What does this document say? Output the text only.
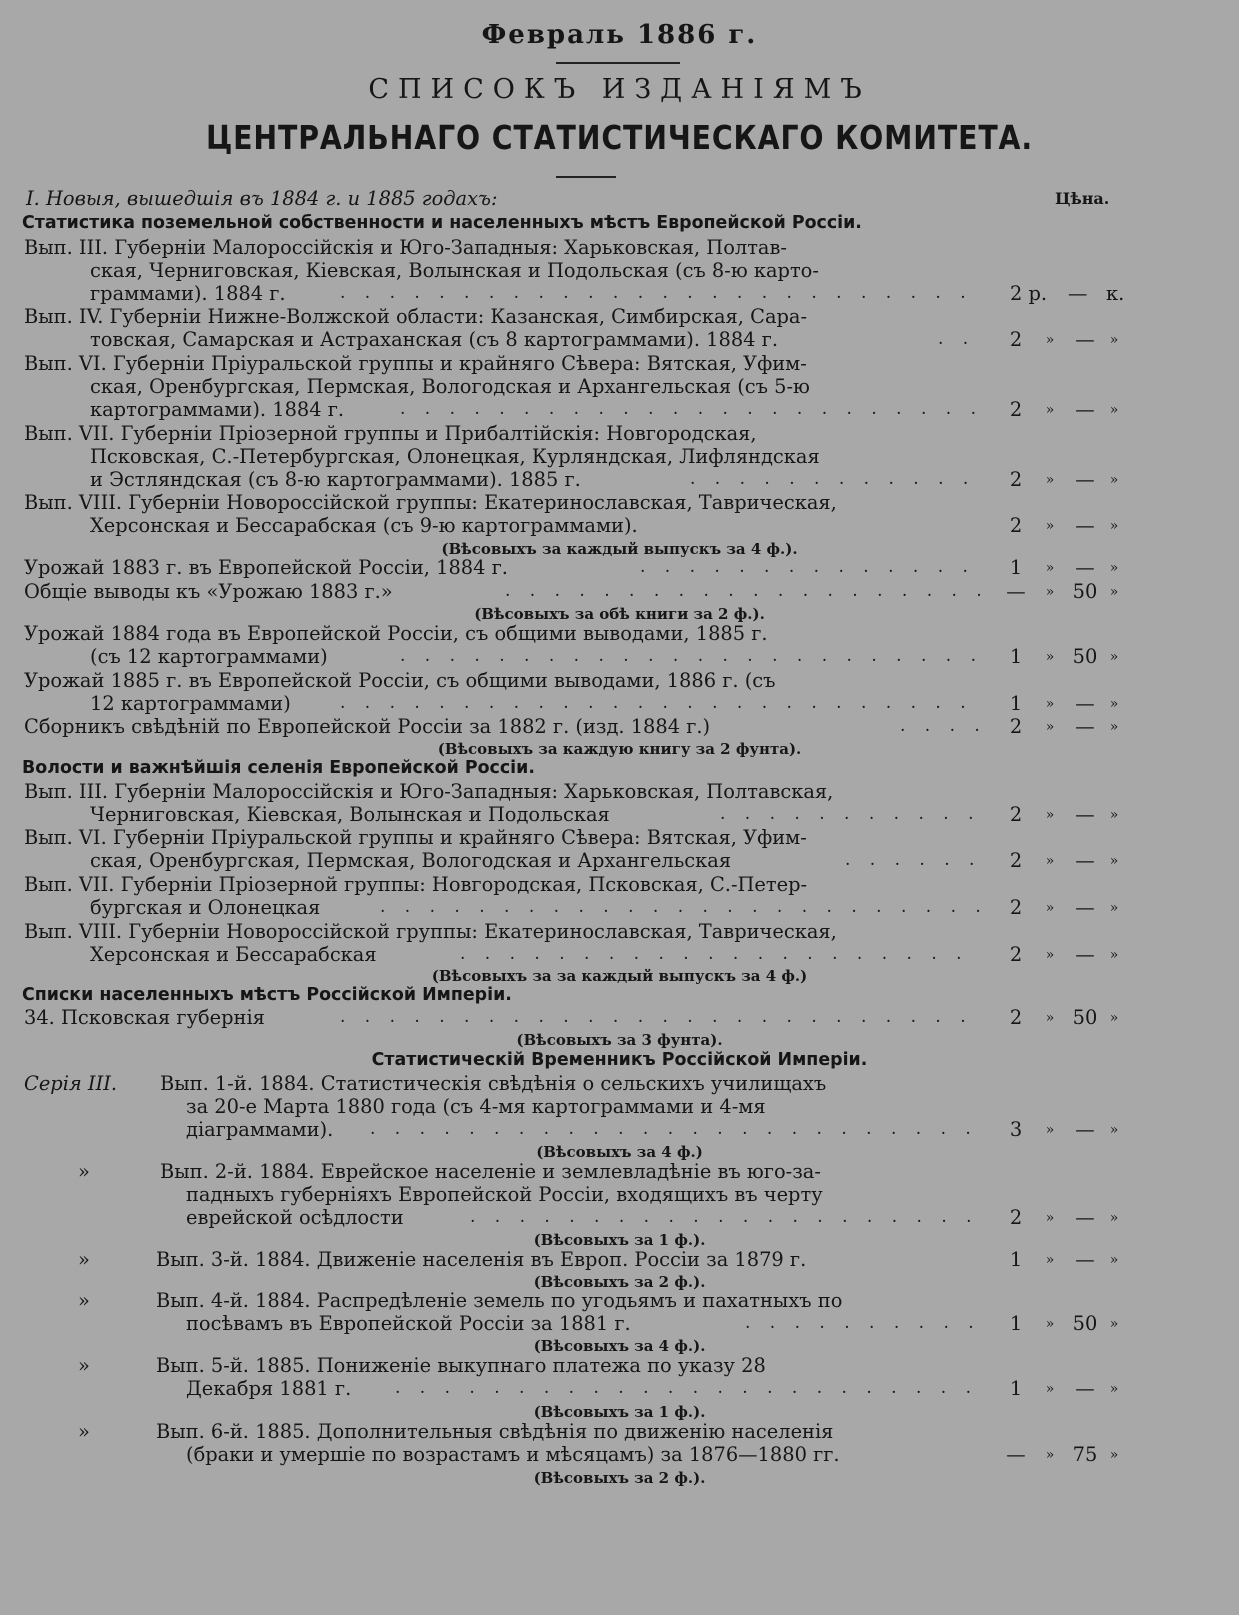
Февраль 1886 г.
СПИСОКЪ ИЗДАНІЯМЪ
ЦЕНТРАЛЬНАГО СТАТИСТИЧЕСКАГО КОМИТЕТА.
I. Новыя, вышедшія въ 1884 г. и 1885 годахъ:	Цѣна.
Статистика поземельной собственности и населенныхъ мѣстъ Европейской Россіи.
Вып. III. Губерніи Малороссійскія и Юго-Западныя: Харьковская, Полтав-
ская, Черниговская, Кіевская, Волынская и Подольская (съ 8-ю карто-
граммами). 1884 г. . . .	2 р. — к.
Вып. IV. Губерніи Нижне-Волжской области: Казанская, Симбирская, Сара-
товская, Самарская и Астраханская (съ 8 картограммами). 1884 г. . . .	2	»	—	»
Вып. VI. Губерніи Пріуральской группы и крайняго Сѣвера: Вятская, Уфим-
ская, Оренбургская, Пермская, Вологодская и Архангельская (съ 5-ю
картограммами). 1884 г. . . .	2	»	—	»
Вып. VII. Губерніи Пріозерной группы и Прибалтійскія: Новгородская,
Псковская, С.-Петербургская, Олонецкая, Курляндская, Лифляндская
и Эстляндская (съ 8-ю картограммами). 1885 г. . . .	2	»	—	»
Вып. VIII. Губерніи Новороссійской группы: Екатеринославская, Таврическая,
Херсонская и Бессарабская (съ 9-ю картограммами).	2	»	—	»
(Вѣсовыхъ за каждый выпускъ за 4 ф.).
Урожай 1883 г. въ Европейской Россіи, 1884 г. . . .	1	»	—	»
Общіе выводы къ «Урожаю 1883 г.» . . .	—	» 50 »
(Вѣсовыхъ за обѣ книги за 2 ф.).
Урожай 1884 года въ Европейской Россіи, съ общими выводами, 1885 г.
(съ 12 картограммами) . . .	1	» 50 »
Урожай 1885 г. въ Европейской Россіи, съ общими выводами, 1886 г. (съ
12 картограммами) . . .	1	»	—	»
Сборникъ свѣдѣній по Европейской Россіи за 1882 г. (изд. 1884 г.) . . .	2	»	—	»
(Вѣсовыхъ за каждую книгу за 2 фунта).
Волости и важнѣйшія селенія Европейской Россіи.
Вып. III. Губерніи Малороссійскія и Юго-Западныя: Харьковская, Полтавская,
Черниговская, Кіевская, Волынская и Подольская . . .	2	»	—	»
Вып. VI. Губерніи Пріуральской группы и крайняго Сѣвера: Вятская, Уфим-
ская, Оренбургская, Пермская, Вологодская и Архангельская . . .	2	»	—	»
Вып. VII. Губерніи Пріозерной группы: Новгородская, Псковская, С.-Петер-
бургская и Олонецкая . . .	2	»	—	»
Вып. VIII. Губерніи Новороссійской группы: Екатеринославская, Таврическая,
Херсонская и Бессарабская . . .	2	»	—	»
(Вѣсовыхъ за за каждый выпускъ за 4 ф.)
Списки населенныхъ мѣстъ Россійской Имперіи.
34. Псковская губернія . . .	2	» 50 »
(Вѣсовыхъ за 3 фунта).
Статистическій Временникъ Россійской Имперіи.
Серія III. Вып. 1-й. 1884. Статистическія свѣдѣнія о сельскихъ училищахъ
за 20-е Марта 1880 года (съ 4-мя картограммами и 4-мя
діаграммами). . . .	3	»	—	»
(Вѣсовыхъ за 4 ф.)
»	Вып. 2-й. 1884. Еврейское населеніе и землевладѣніе въ юго-за-
падныхъ губерніяхъ Европейской Россіи, входящихъ въ черту
еврейской осѣдлости . . .	2	»	—	»
(Вѣсовыхъ за 1 ф.).
»	Вып. 3-й. 1884. Движеніе населенія въ Европ. Россіи за 1879 г.	1	»	—	»
(Вѣсовыхъ за 2 ф.).
»	Вып. 4-й. 1884. Распредѣленіе земель по угодьямъ и пахатныхъ по
посѣвамъ въ Европейской Россіи за 1881 г. . . .	1	» 50 »
(Вѣсовыхъ за 4 ф.).
»	Вып. 5-й. 1885. Пониженіе выкупнаго платежа по указу 28
Декабря 1881 г. . . .	1	»	—	»
(Вѣсовыхъ за 1 ф.).
»	Вып. 6-й. 1885. Дополнительныя свѣдѣнія по движенію населенія
(браки и умершіе по возрастамъ и мѣсяцамъ) за 1876—1880 гг.	—	» 75 »
(Вѣсовыхъ за 2 ф.).
